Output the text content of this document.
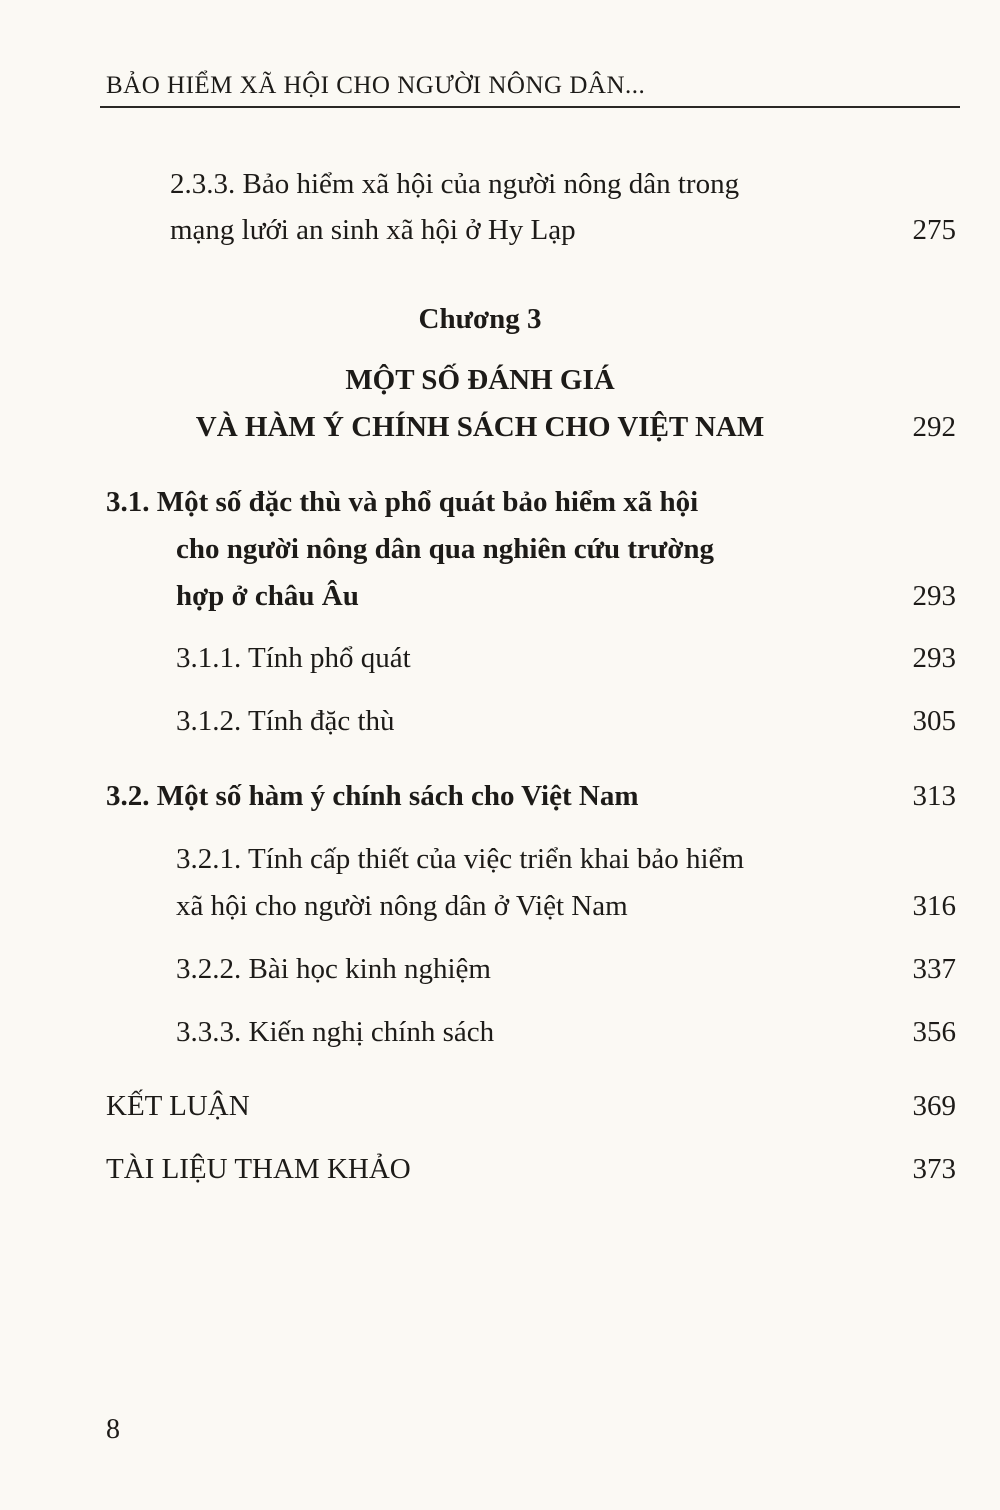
BẢO HIỂM XÃ HỘI CHO NGƯỜI NÔNG DÂN...
2.3.3. Bảo hiểm xã hội của người nông dân trong
mạng lưới an sinh xã hội ở Hy Lạp	275
Chương 3
MỘT SỐ ĐÁNH GIÁ
VÀ HÀM Ý CHÍNH SÁCH CHO VIỆT NAM	292
3.1. Một số đặc thù và phổ quát bảo hiểm xã hội
cho người nông dân qua nghiên cứu trường
hợp ở châu Âu	293
3.1.1. Tính phổ quát	293
3.1.2. Tính đặc thù	305
3.2. Một số hàm ý chính sách cho Việt Nam	313
3.2.1. Tính cấp thiết của việc triển khai bảo hiểm
xã hội cho người nông dân ở Việt Nam	316
3.2.2. Bài học kinh nghiệm	337
3.3.3. Kiến nghị chính sách	356
KẾT LUẬN	369
TÀI LIỆU THAM KHẢO	373
8
